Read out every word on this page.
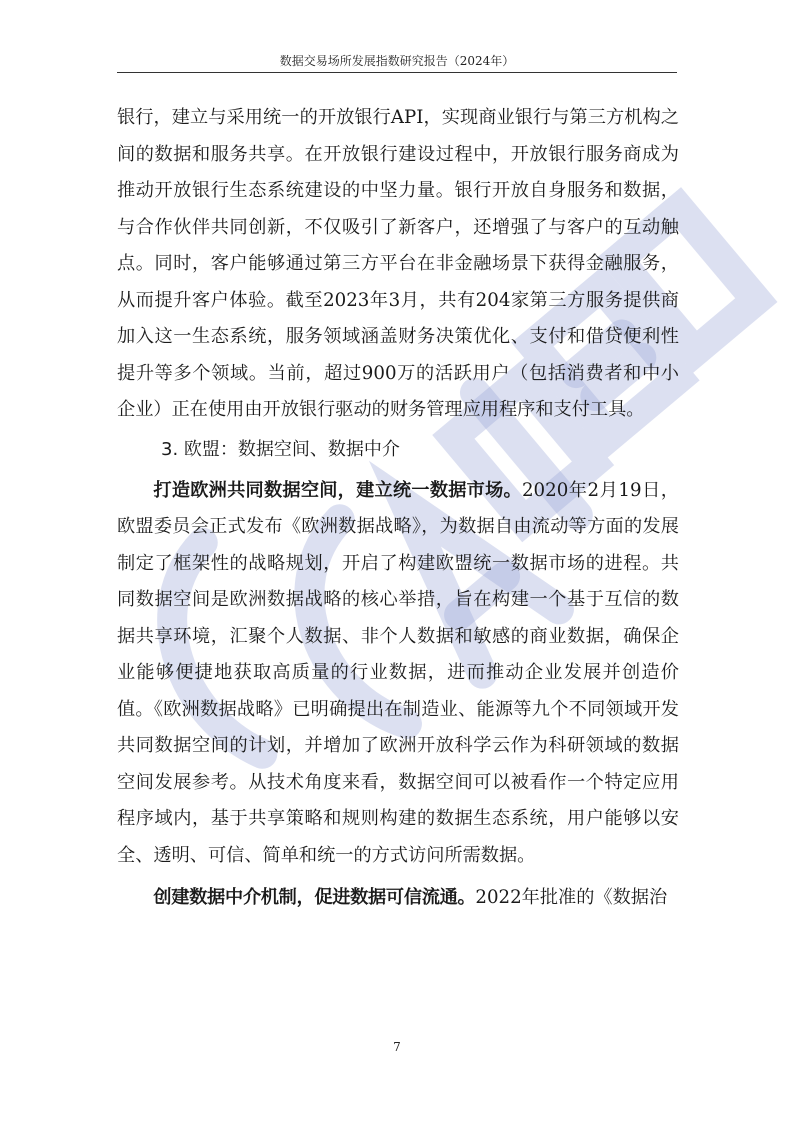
数据交易场所发展指数研究报告（2024年）

银行，建立与采用统一的开放银行API，实现商业银行与第三方机构之间的数据和服务共享。在开放银行建设过程中，开放银行服务商成为推动开放银行生态系统建设的中坚力量。银行开放自身服务和数据，与合作伙伴共同创新，不仅吸引了新客户，还增强了与客户的互动触点。同时，客户能够通过第三方平台在非金融场景下获得金融服务，从而提升客户体验。截至2023年3月，共有204家第三方服务提供商加入这一生态系统，服务领域涵盖财务决策优化、支付和借贷便利性提升等多个领域。当前，超过900万的活跃用户（包括消费者和中小企业）正在使用由开放银行驱动的财务管理应用程序和支付工具。

3. 欧盟：数据空间、数据中介

打造欧洲共同数据空间，建立统一数据市场。2020年2月19日，欧盟委员会正式发布《欧洲数据战略》，为数据自由流动等方面的发展制定了框架性的战略规划，开启了构建欧盟统一数据市场的进程。共同数据空间是欧洲数据战略的核心举措，旨在构建一个基于互信的数据共享环境，汇聚个人数据、非个人数据和敏感的商业数据，确保企业能够便捷地获取高质量的行业数据，进而推动企业发展并创造价值。《欧洲数据战略》已明确提出在制造业、能源等九个不同领域开发共同数据空间的计划，并增加了欧洲开放科学云作为科研领域的数据空间发展参考。从技术角度来看，数据空间可以被看作一个特定应用程序域内，基于共享策略和规则构建的数据生态系统，用户能够以安全、透明、可信、简单和统一的方式访问所需数据。

创建数据中介机制，促进数据可信流通。2022年批准的《数据治

7
